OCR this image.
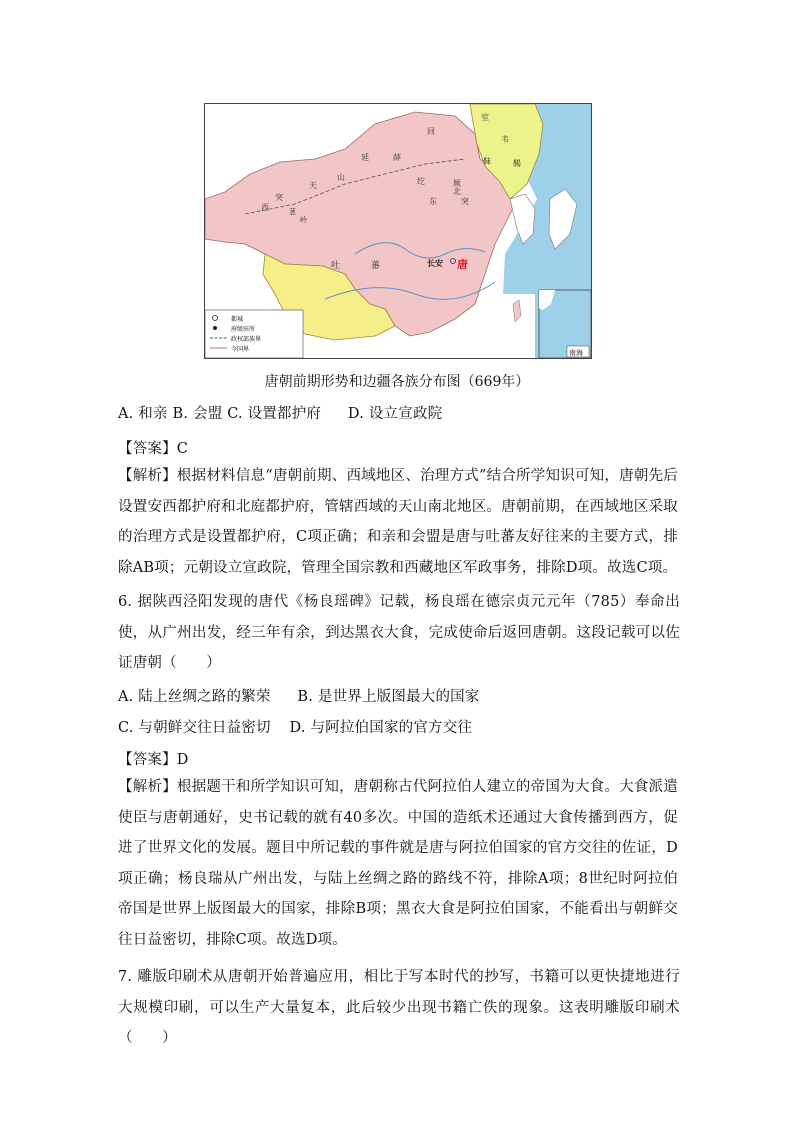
南海
都城
府级驻所
政权部族界
今国界
室
韦
靺	鞨
回
纥
薛
延
山
北
东	突
厥
突
天
西	葱
岭
吐	蕃	长安 唐
唐朝前期形势和边疆各族分布图（669年）
A. 和亲 B. 会盟 C. 设置都护府 D. 设立宣政院
【答案】C
【解析】根据材料信息“唐朝前期、西域地区、治理方式”结合所学知识可知，唐朝先后设置安西都护府和北庭都护府，管辖西域的天山南北地区。唐朝前期，在西域地区采取的治理方式是设置都护府，C项正确；和亲和会盟是唐与吐蕃友好往来的主要方式，排除AB项；元朝设立宣政院，管理全国宗教和西藏地区军政事务，排除D项。故选C项。
6. 据陕西泾阳发现的唐代《杨良瑶碑》记载，杨良瑶在德宗贞元元年（785）奉命出使，从广州出发，经三年有余，到达黑衣大食，完成使命后返回唐朝。这段记载可以佐证唐朝（　　）
A. 陆上丝绸之路的繁荣 B. 是世界上版图最大的国家
C. 与朝鲜交往日益密切 D. 与阿拉伯国家的官方交往
【答案】D
【解析】根据题干和所学知识可知，唐朝称古代阿拉伯人建立的帝国为大食。大食派遣使臣与唐朝通好，史书记载的就有40多次。中国的造纸术还通过大食传播到西方，促进了世界文化的发展。题目中所记载的事件就是唐与阿拉伯国家的官方交往的佐证，D项正确；杨良瑞从广州出发，与陆上丝绸之路的路线不符，排除A项；8世纪时阿拉伯帝国是世界上版图最大的国家，排除B项；黑衣大食是阿拉伯国家，不能看出与朝鲜交往日益密切，排除C项。故选D项。
7. 雕版印刷术从唐朝开始普遍应用，相比于写本时代的抄写，书籍可以更快捷地进行大规模印刷，可以生产大量复本，此后较少出现书籍亡佚的现象。这表明雕版印刷术（　　）
